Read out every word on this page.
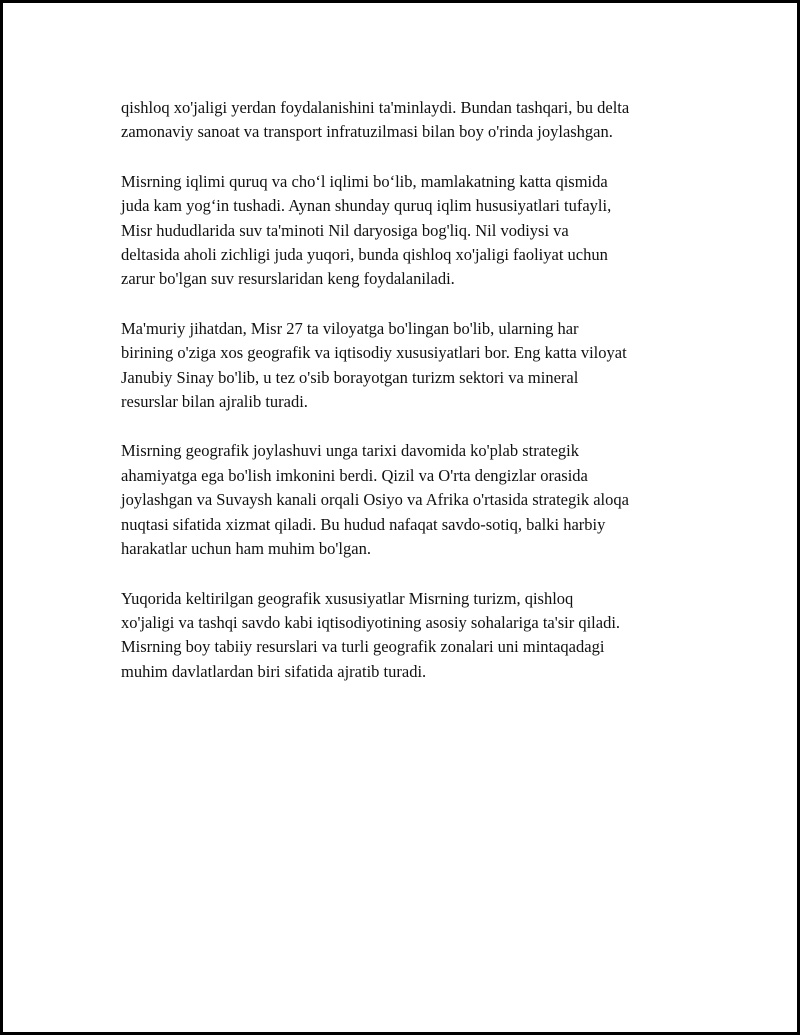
qishloq xo'jaligi yerdan foydalanishini ta'minlaydi. Bundan tashqari, bu delta
zamonaviy sanoat va transport infratuzilmasi bilan boy o'rinda joylashgan.

Misrning iqlimi quruq va cho‘l iqlimi bo‘lib, mamlakatning katta qismida
juda kam yog‘in tushadi. Aynan shunday quruq iqlim hususiyatlari tufayli,
Misr hududlarida suv ta'minoti Nil daryosiga bog'liq. Nil vodiysi va
deltasida aholi zichligi juda yuqori, bunda qishloq xo'jaligi faoliyat uchun
zarur bo'lgan suv resurslaridan keng foydalaniladi.

Ma'muriy jihatdan, Misr 27 ta viloyatga bo'lingan bo'lib, ularning har
birining o'ziga xos geografik va iqtisodiy xususiyatlari bor. Eng katta viloyat
Janubiy Sinay bo'lib, u tez o'sib borayotgan turizm sektori va mineral
resurslar bilan ajralib turadi.

Misrning geografik joylashuvi unga tarixi davomida ko'plab strategik
ahamiyatga ega bo'lish imkonini berdi. Qizil va O'rta dengizlar orasida
joylashgan va Suvaysh kanali orqali Osiyo va Afrika o'rtasida strategik aloqa
nuqtasi sifatida xizmat qiladi. Bu hudud nafaqat savdo-sotiq, balki harbiy
harakatlar uchun ham muhim bo'lgan.

Yuqorida keltirilgan geografik xususiyatlar Misrning turizm, qishloq
xo'jaligi va tashqi savdo kabi iqtisodiyotining asosiy sohalariga ta'sir qiladi.
Misrning boy tabiiy resurslari va turli geografik zonalari uni mintaqadagi
muhim davlatlardan biri sifatida ajratib turadi.
